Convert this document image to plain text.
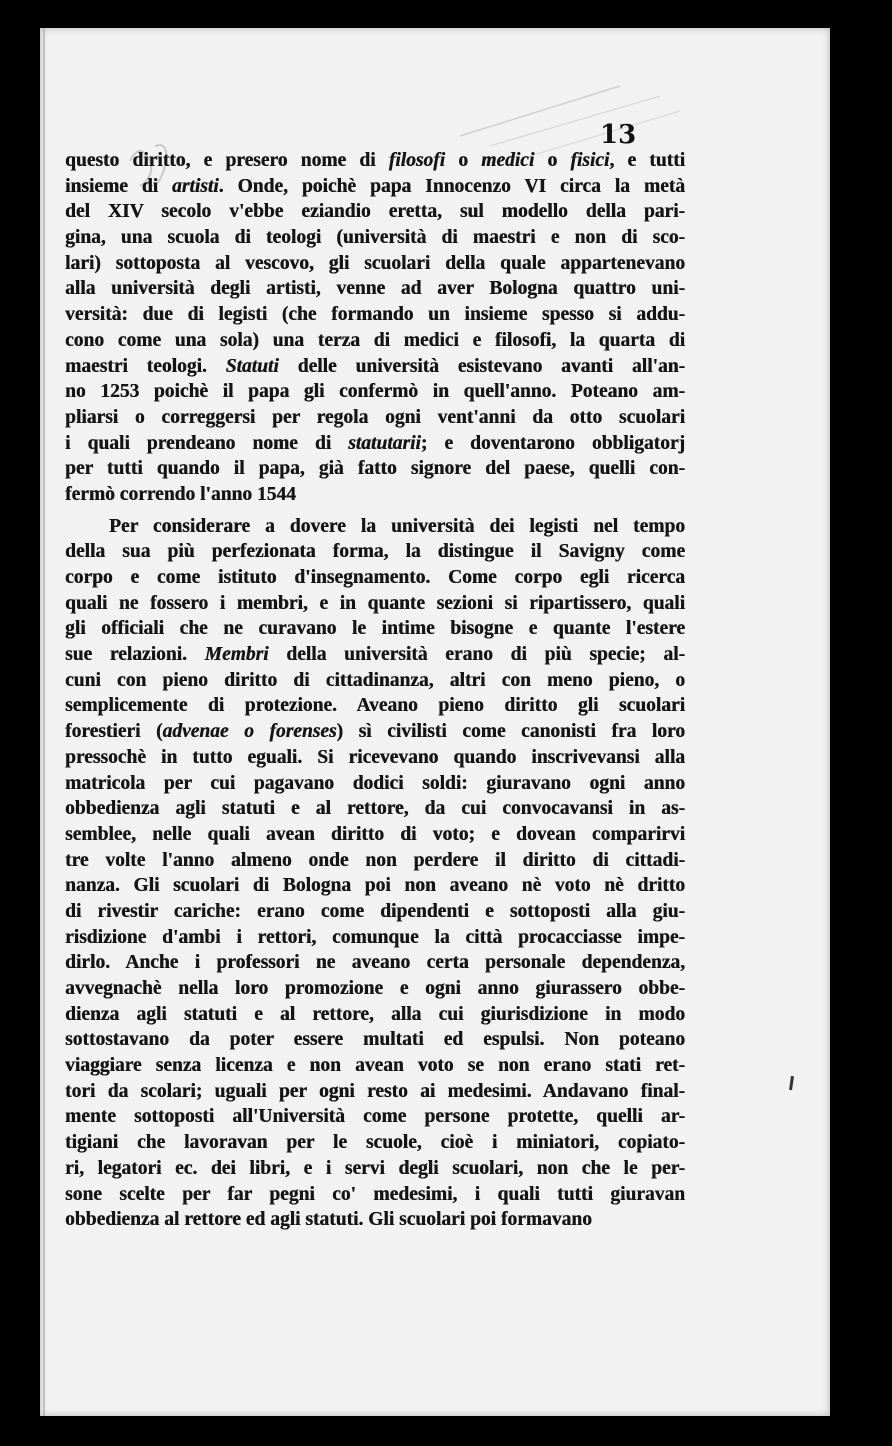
13
questo diritto, e presero nome di filosofi o medici o fisici, e tutti
insieme di artisti. Onde, poichè papa Innocenzo VI circa la metà
del XIV secolo v'ebbe eziandio eretta, sul modello della pari-
gina, una scuola di teologi (università di maestri e non di sco-
lari) sottoposta al vescovo, gli scuolari della quale appartenevano
alla università degli artisti, venne ad aver Bologna quattro uni-
versità: due di legisti (che formando un insieme spesso si addu-
cono come una sola) una terza di medici e filosofi, la quarta di
maestri teologi. Statuti delle università esistevano avanti all'an-
no 1253 poichè il papa gli confermò in quell'anno. Poteano am-
pliarsi o correggersi per regola ogni vent'anni da otto scuolari
i quali prendeano nome di statutarii; e doventarono obbligatorj
per tutti quando il papa, già fatto signore del paese, quelli con-
fermò correndo l'anno 1544
Per considerare a dovere la università dei legisti nel tempo
della sua più perfezionata forma, la distingue il Savigny come
corpo e come istituto d'insegnamento. Come corpo egli ricerca
quali ne fossero i membri, e in quante sezioni si ripartissero, quali
gli officiali che ne curavano le intime bisogne e quante l'estere
sue relazioni. Membri della università erano di più specie; al-
cuni con pieno diritto di cittadinanza, altri con meno pieno, o
semplicemente di protezione. Aveano pieno diritto gli scuolari
forestieri (advenae o forenses) sì civilisti come canonisti fra loro
pressochè in tutto eguali. Si ricevevano quando inscrivevansi alla
matricola per cui pagavano dodici soldi: giuravano ogni anno
obbedienza agli statuti e al rettore, da cui convocavansi in as-
semblee, nelle quali avean diritto di voto; e dovean comparirvi
tre volte l'anno almeno onde non perdere il diritto di cittadi-
nanza. Gli scuolari di Bologna poi non aveano nè voto nè dritto
di rivestir cariche: erano come dipendenti e sottoposti alla giu-
risdizione d'ambi i rettori, comunque la città procacciasse impe-
dirlo. Anche i professori ne aveano certa personale dependenza,
avvegnachè nella loro promozione e ogni anno giurassero obbe-
dienza agli statuti e al rettore, alla cui giurisdizione in modo
sottostavano da poter essere multati ed espulsi. Non poteano
viaggiare senza licenza e non avean voto se non erano stati ret-
tori da scolari; uguali per ogni resto ai medesimi. Andavano final-
mente sottoposti all'Università come persone protette, quelli ar-
tigiani che lavoravan per le scuole, cioè i miniatori, copiato-
ri, legatori ec. dei libri, e i servi degli scuolari, non che le per-
sone scelte per far pegni co' medesimi, i quali tutti giuravan
obbedienza al rettore ed agli statuti. Gli scuolari poi formavano
